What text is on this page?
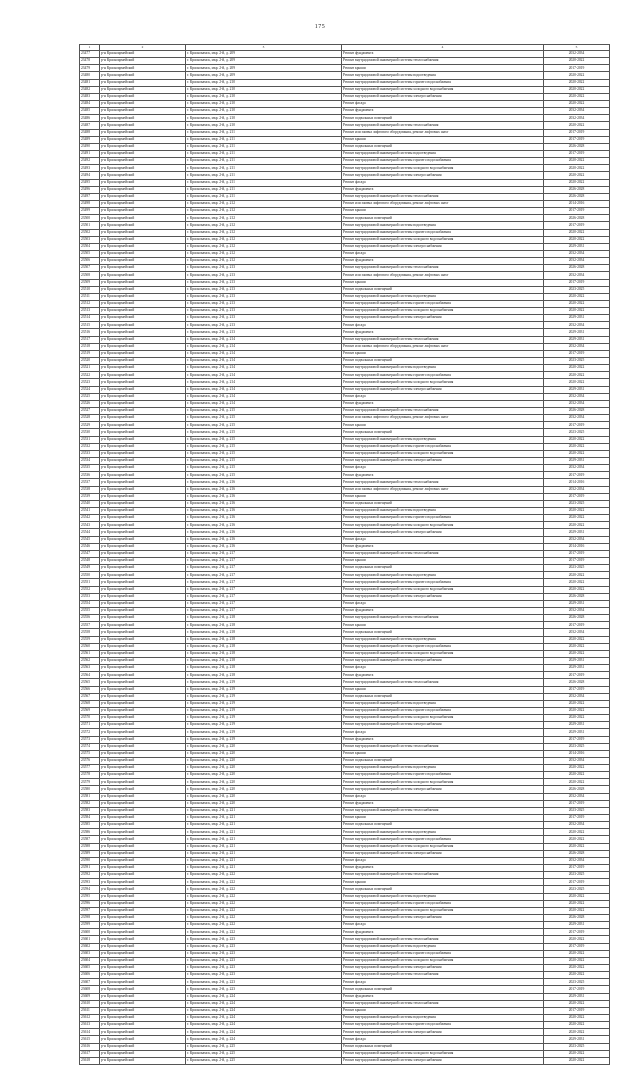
175
1	2	3	4	5
23477	р-н Красноармейский	г. Краснокамск, мкр. 2-й, д. 209	Ремонт фундамента	2032-2034
23478	р-н Красноармейский	г. Краснокамск, мкр. 2-й, д. 209	Ремонт внутридомовой инженерной системы теплоснабжения	2020-2022
23479	р-н Красноармейский	г. Краснокамск, мкр. 2-й, д. 209	Ремонт крыши	2017-2019
23480	р-н Красноармейский	г. Краснокамск, мкр. 2-й, д. 209	Ремонт внутридомовой инженерной системы водоотведения	2020-2022
23481	р-н Красноармейский	г. Краснокамск, мкр. 2-й, д. 210	Ремонт внутридомовой инженерной системы горячего водоснабжения	2020-2022
23482	р-н Красноармейский	г. Краснокамск, мкр. 2-й, д. 210	Ремонт внутридомовой инженерной системы холодного водоснабжения	2020-2022
23483	р-н Красноармейский	г. Краснокамск, мкр. 2-й, д. 210	Ремонт внутридомовой инженерной системы электроснабжения	2020-2022
23484	р-н Красноармейский	г. Краснокамск, мкр. 2-й, д. 210	Ремонт фасада	2020-2022
23485	р-н Красноармейский	г. Краснокамск, мкр. 2-й, д. 210	Ремонт фундамента	2032-2034
23486	р-н Красноармейский	г. Краснокамск, мкр. 2-й, д. 210	Ремонт подвальных помещений	2032-2034
23487	р-н Красноармейский	г. Краснокамск, мкр. 2-й, д. 210	Ремонт внутридомовой инженерной системы теплоснабжения	2020-2022
23488	р-н Красноармейский	г. Краснокамск, мкр. 2-й, д. 211	Ремонт или замена лифтового оборудования, ремонт лифтовых шахт	2017-2019
23489	р-н Красноармейский	г. Краснокамск, мкр. 2-й, д. 211	Ремонт крыши	2017-2019
23490	р-н Красноармейский	г. Краснокамск, мкр. 2-й, д. 211	Ремонт подвальных помещений	2026-2028
23491	р-н Красноармейский	г. Краснокамск, мкр. 2-й, д. 211	Ремонт внутридомовой инженерной системы водоотведения	2017-2019
23492	р-н Красноармейский	г. Краснокамск, мкр. 2-й, д. 211	Ремонт внутридомовой инженерной системы горячего водоснабжения	2020-2022
23493	р-н Красноармейский	г. Краснокамск, мкр. 2-й, д. 211	Ремонт внутридомовой инженерной системы холодного водоснабжения	2020-2022
23494	р-н Красноармейский	г. Краснокамск, мкр. 2-й, д. 211	Ремонт внутридомовой инженерной системы электроснабжения	2020-2022
23495	р-н Красноармейский	г. Краснокамск, мкр. 2-й, д. 211	Ремонт фасада	2020-2022
23496	р-н Красноармейский	г. Краснокамск, мкр. 2-й, д. 211	Ремонт фундамента	2026-2028
23497	р-н Красноармейский	г. Краснокамск, мкр. 2-й, д. 211	Ремонт внутридомовой инженерной системы теплоснабжения	2026-2028
23498	р-н Красноармейский	г. Краснокамск, мкр. 2-й, д. 212	Ремонт или замена лифтового оборудования, ремонт лифтовых шахт	2014-2016
23499	р-н Красноармейский	г. Краснокамск, мкр. 2-й, д. 212	Ремонт крыши	2017-2019
23500	р-н Красноармейский	г. Краснокамск, мкр. 2-й, д. 212	Ремонт подвальных помещений	2026-2028
23501	р-н Красноармейский	г. Краснокамск, мкр. 2-й, д. 212	Ремонт внутридомовой инженерной системы водоотведения	2017-2019
23502	р-н Красноармейский	г. Краснокамск, мкр. 2-й, д. 212	Ремонт внутридомовой инженерной системы горячего водоснабжения	2020-2022
23503	р-н Красноармейский	г. Краснокамск, мкр. 2-й, д. 212	Ремонт внутридомовой инженерной системы холодного водоснабжения	2020-2022
23504	р-н Красноармейский	г. Краснокамск, мкр. 2-й, д. 212	Ремонт внутридомовой инженерной системы электроснабжения	2029-2031
23505	р-н Красноармейский	г. Краснокамск, мкр. 2-й, д. 212	Ремонт фасада	2032-2034
23506	р-н Красноармейский	г. Краснокамск, мкр. 2-й, д. 212	Ремонт фундамента	2032-2034
23507	р-н Красноармейский	г. Краснокамск, мкр. 2-й, д. 213	Ремонт внутридомовой инженерной системы теплоснабжения	2026-2028
23508	р-н Красноармейский	г. Краснокамск, мкр. 2-й, д. 213	Ремонт или замена лифтового оборудования, ремонт лифтовых шахт	2032-2034
23509	р-н Красноармейский	г. Краснокамск, мкр. 2-й, д. 213	Ремонт крыши	2017-2019
23510	р-н Красноармейский	г. Краснокамск, мкр. 2-й, д. 213	Ремонт подвальных помещений	2023-2025
23511	р-н Красноармейский	г. Краснокамск, мкр. 2-й, д. 213	Ремонт внутридомовой инженерной системы водоотведения	2020-2022
23512	р-н Красноармейский	г. Краснокамск, мкр. 2-й, д. 213	Ремонт внутридомовой инженерной системы горячего водоснабжения	2020-2022
23513	р-н Красноармейский	г. Краснокамск, мкр. 2-й, д. 213	Ремонт внутридомовой инженерной системы холодного водоснабжения	2020-2022
23514	р-н Красноармейский	г. Краснокамск, мкр. 2-й, д. 213	Ремонт внутридомовой инженерной системы электроснабжения	2029-2031
23515	р-н Красноармейский	г. Краснокамск, мкр. 2-й, д. 213	Ремонт фасада	2032-2034
23516	р-н Красноармейский	г. Краснокамск, мкр. 2-й, д. 213	Ремонт фундамента	2029-2031
23517	р-н Красноармейский	г. Краснокамск, мкр. 2-й, д. 214	Ремонт внутридомовой инженерной системы теплоснабжения	2029-2031
23518	р-н Красноармейский	г. Краснокамск, мкр. 2-й, д. 214	Ремонт или замена лифтового оборудования, ремонт лифтовых шахт	2032-2034
23519	р-н Красноармейский	г. Краснокамск, мкр. 2-й, д. 214	Ремонт крыши	2017-2019
23520	р-н Красноармейский	г. Краснокамск, мкр. 2-й, д. 214	Ремонт подвальных помещений	2023-2025
23521	р-н Красноармейский	г. Краснокамск, мкр. 2-й, д. 214	Ремонт внутридомовой инженерной системы водоотведения	2020-2022
23522	р-н Красноармейский	г. Краснокамск, мкр. 2-й, д. 214	Ремонт внутридомовой инженерной системы горячего водоснабжения	2020-2022
23523	р-н Красноармейский	г. Краснокамск, мкр. 2-й, д. 214	Ремонт внутридомовой инженерной системы холодного водоснабжения	2020-2022
23524	р-н Красноармейский	г. Краснокамск, мкр. 2-й, д. 214	Ремонт внутридомовой инженерной системы электроснабжения	2029-2031
23525	р-н Красноармейский	г. Краснокамск, мкр. 2-й, д. 214	Ремонт фасада	2032-2034
23526	р-н Красноармейский	г. Краснокамск, мкр. 2-й, д. 214	Ремонт фундамента	2032-2034
23527	р-н Красноармейский	г. Краснокамск, мкр. 2-й, д. 215	Ремонт внутридомовой инженерной системы теплоснабжения	2026-2028
23528	р-н Красноармейский	г. Краснокамск, мкр. 2-й, д. 215	Ремонт или замена лифтового оборудования, ремонт лифтовых шахт	2032-2034
23529	р-н Красноармейский	г. Краснокамск, мкр. 2-й, д. 215	Ремонт крыши	2017-2019
23530	р-н Красноармейский	г. Краснокамск, мкр. 2-й, д. 215	Ремонт подвальных помещений	2023-2025
23531	р-н Красноармейский	г. Краснокамск, мкр. 2-й, д. 215	Ремонт внутридомовой инженерной системы водоотведения	2020-2022
23532	р-н Красноармейский	г. Краснокамск, мкр. 2-й, д. 215	Ремонт внутридомовой инженерной системы горячего водоснабжения	2020-2022
23533	р-н Красноармейский	г. Краснокамск, мкр. 2-й, д. 215	Ремонт внутридомовой инженерной системы холодного водоснабжения	2020-2022
23534	р-н Красноармейский	г. Краснокамск, мкр. 2-й, д. 215	Ремонт внутридомовой инженерной системы электроснабжения	2029-2031
23535	р-н Красноармейский	г. Краснокамск, мкр. 2-й, д. 215	Ремонт фасада	2032-2034
23536	р-н Красноармейский	г. Краснокамск, мкр. 2-й, д. 215	Ремонт фундамента	2017-2019
23537	р-н Красноармейский	г. Краснокамск, мкр. 2-й, д. 216	Ремонт внутридомовой инженерной системы теплоснабжения	2014-2016
23538	р-н Красноармейский	г. Краснокамск, мкр. 2-й, д. 216	Ремонт или замена лифтового оборудования, ремонт лифтовых шахт	2032-2034
23539	р-н Красноармейский	г. Краснокамск, мкр. 2-й, д. 216	Ремонт крыши	2017-2019
23540	р-н Красноармейский	г. Краснокамск, мкр. 2-й, д. 216	Ремонт подвальных помещений	2023-2025
23541	р-н Красноармейский	г. Краснокамск, мкр. 2-й, д. 216	Ремонт внутридомовой инженерной системы водоотведения	2020-2022
23542	р-н Красноармейский	г. Краснокамск, мкр. 2-й, д. 216	Ремонт внутридомовой инженерной системы горячего водоснабжения	2020-2022
23543	р-н Красноармейский	г. Краснокамск, мкр. 2-й, д. 216	Ремонт внутридомовой инженерной системы холодного водоснабжения	2020-2022
23544	р-н Красноармейский	г. Краснокамск, мкр. 2-й, д. 216	Ремонт внутридомовой инженерной системы электроснабжения	2029-2031
23545	р-н Красноармейский	г. Краснокамск, мкр. 2-й, д. 216	Ремонт фасада	2032-2034
23546	р-н Красноармейский	г. Краснокамск, мкр. 2-й, д. 216	Ремонт фундамента	2014-2016
23547	р-н Красноармейский	г. Краснокамск, мкр. 2-й, д. 217	Ремонт внутридомовой инженерной системы теплоснабжения	2017-2019
23548	р-н Красноармейский	г. Краснокамск, мкр. 2-й, д. 217	Ремонт крыши	2017-2019
23549	р-н Красноармейский	г. Краснокамск, мкр. 2-й, д. 217	Ремонт подвальных помещений	2023-2025
23550	р-н Красноармейский	г. Краснокамск, мкр. 2-й, д. 217	Ремонт внутридомовой инженерной системы водоотведения	2020-2022
23551	р-н Красноармейский	г. Краснокамск, мкр. 2-й, д. 217	Ремонт внутридомовой инженерной системы горячего водоснабжения	2020-2022
23552	р-н Красноармейский	г. Краснокамск, мкр. 2-й, д. 217	Ремонт внутридомовой инженерной системы холодного водоснабжения	2020-2022
23553	р-н Красноармейский	г. Краснокамск, мкр. 2-й, д. 217	Ремонт внутридомовой инженерной системы электроснабжения	2026-2028
23554	р-н Красноармейский	г. Краснокамск, мкр. 2-й, д. 217	Ремонт фасада	2029-2031
23555	р-н Красноармейский	г. Краснокамск, мкр. 2-й, д. 217	Ремонт фундамента	2032-2034
23556	р-н Красноармейский	г. Краснокамск, мкр. 2-й, д. 218	Ремонт внутридомовой инженерной системы теплоснабжения	2026-2028
23557	р-н Красноармейский	г. Краснокамск, мкр. 2-й, д. 218	Ремонт крыши	2017-2019
23558	р-н Красноармейский	г. Краснокамск, мкр. 2-й, д. 218	Ремонт подвальных помещений	2032-2034
23559	р-н Красноармейский	г. Краснокамск, мкр. 2-й, д. 218	Ремонт внутридомовой инженерной системы водоотведения	2020-2022
23560	р-н Красноармейский	г. Краснокамск, мкр. 2-й, д. 218	Ремонт внутридомовой инженерной системы горячего водоснабжения	2020-2022
23561	р-н Красноармейский	г. Краснокамск, мкр. 2-й, д. 218	Ремонт внутридомовой инженерной системы холодного водоснабжения	2020-2022
23562	р-н Красноармейский	г. Краснокамск, мкр. 2-й, д. 218	Ремонт внутридомовой инженерной системы электроснабжения	2029-2031
23563	р-н Красноармейский	г. Краснокамск, мкр. 2-й, д. 218	Ремонт фасада	2029-2031
23564	р-н Красноармейский	г. Краснокамск, мкр. 2-й, д. 218	Ремонт фундамента	2017-2019
23565	р-н Красноармейский	г. Краснокамск, мкр. 2-й, д. 219	Ремонт внутридомовой инженерной системы теплоснабжения	2026-2028
23566	р-н Красноармейский	г. Краснокамск, мкр. 2-й, д. 219	Ремонт крыши	2017-2019
23567	р-н Красноармейский	г. Краснокамск, мкр. 2-й, д. 219	Ремонт подвальных помещений	2032-2034
23568	р-н Красноармейский	г. Краснокамск, мкр. 2-й, д. 219	Ремонт внутридомовой инженерной системы водоотведения	2020-2022
23569	р-н Красноармейский	г. Краснокамск, мкр. 2-й, д. 219	Ремонт внутридомовой инженерной системы горячего водоснабжения	2020-2022
23570	р-н Красноармейский	г. Краснокамск, мкр. 2-й, д. 219	Ремонт внутридомовой инженерной системы холодного водоснабжения	2020-2022
23571	р-н Красноармейский	г. Краснокамск, мкр. 2-й, д. 219	Ремонт внутридомовой инженерной системы электроснабжения	2029-2031
23572	р-н Красноармейский	г. Краснокамск, мкр. 2-й, д. 219	Ремонт фасада	2029-2031
23573	р-н Красноармейский	г. Краснокамск, мкр. 2-й, д. 219	Ремонт фундамента	2017-2019
23574	р-н Красноармейский	г. Краснокамск, мкр. 2-й, д. 220	Ремонт внутридомовой инженерной системы теплоснабжения	2023-2025
23575	р-н Красноармейский	г. Краснокамск, мкр. 2-й, д. 220	Ремонт крыши	2014-2016
23576	р-н Красноармейский	г. Краснокамск, мкр. 2-й, д. 220	Ремонт подвальных помещений	2032-2034
23577	р-н Красноармейский	г. Краснокамск, мкр. 2-й, д. 220	Ремонт внутридомовой инженерной системы водоотведения	2020-2022
23578	р-н Красноармейский	г. Краснокамск, мкр. 2-й, д. 220	Ремонт внутридомовой инженерной системы горячего водоснабжения	2020-2022
23579	р-н Красноармейский	г. Краснокамск, мкр. 2-й, д. 220	Ремонт внутридомовой инженерной системы холодного водоснабжения	2020-2022
23580	р-н Красноармейский	г. Краснокамск, мкр. 2-й, д. 220	Ремонт внутридомовой инженерной системы электроснабжения	2026-2028
23581	р-н Красноармейский	г. Краснокамск, мкр. 2-й, д. 220	Ремонт фасада	2032-2034
23582	р-н Красноармейский	г. Краснокамск, мкр. 2-й, д. 220	Ремонт фундамента	2017-2019
23583	р-н Красноармейский	г. Краснокамск, мкр. 2-й, д. 221	Ремонт внутридомовой инженерной системы теплоснабжения	2023-2025
23584	р-н Красноармейский	г. Краснокамск, мкр. 2-й, д. 221	Ремонт крыши	2017-2019
23585	р-н Красноармейский	г. Краснокамск, мкр. 2-й, д. 221	Ремонт подвальных помещений	2032-2034
23586	р-н Красноармейский	г. Краснокамск, мкр. 2-й, д. 221	Ремонт внутридомовой инженерной системы водоотведения	2020-2022
23587	р-н Красноармейский	г. Краснокамск, мкр. 2-й, д. 221	Ремонт внутридомовой инженерной системы горячего водоснабжения	2020-2022
23588	р-н Красноармейский	г. Краснокамск, мкр. 2-й, д. 221	Ремонт внутридомовой инженерной системы холодного водоснабжения	2020-2022
23589	р-н Красноармейский	г. Краснокамск, мкр. 2-й, д. 221	Ремонт внутридомовой инженерной системы электроснабжения	2026-2028
23590	р-н Красноармейский	г. Краснокамск, мкр. 2-й, д. 221	Ремонт фасада	2032-2034
23591	р-н Красноармейский	г. Краснокамск, мкр. 2-й, д. 221	Ремонт фундамента	2017-2019
23592	р-н Красноармейский	г. Краснокамск, мкр. 2-й, д. 222	Ремонт внутридомовой инженерной системы теплоснабжения	2023-2025
23593	р-н Красноармейский	г. Краснокамск, мкр. 2-й, д. 222	Ремонт крыши	2017-2019
23594	р-н Красноармейский	г. Краснокамск, мкр. 2-й, д. 222	Ремонт подвальных помещений	2023-2025
23595	р-н Красноармейский	г. Краснокамск, мкр. 2-й, д. 222	Ремонт внутридомовой инженерной системы водоотведения	2020-2022
23596	р-н Красноармейский	г. Краснокамск, мкр. 2-й, д. 222	Ремонт внутридомовой инженерной системы горячего водоснабжения	2020-2022
23597	р-н Красноармейский	г. Краснокамск, мкр. 2-й, д. 222	Ремонт внутридомовой инженерной системы холодного водоснабжения	2020-2022
23598	р-н Красноармейский	г. Краснокамск, мкр. 2-й, д. 222	Ремонт внутридомовой инженерной системы электроснабжения	2026-2028
23599	р-н Красноармейский	г. Краснокамск, мкр. 2-й, д. 222	Ремонт фасада	2029-2031
23600	р-н Красноармейский	г. Краснокамск, мкр. 2-й, д. 222	Ремонт фундамента	2017-2019
23601	р-н Красноармейский	г. Краснокамск, мкр. 2-й, д. 223	Ремонт внутридомовой инженерной системы теплоснабжения	2020-2022
23602	р-н Красноармейский	г. Краснокамск, мкр. 2-й, д. 223	Ремонт внутридомовой инженерной системы водоотведения	2017-2019
23603	р-н Красноармейский	г. Краснокамск, мкр. 2-й, д. 223	Ремонт внутридомовой инженерной системы горячего водоснабжения	2020-2022
23604	р-н Красноармейский	г. Краснокамск, мкр. 2-й, д. 223	Ремонт внутридомовой инженерной системы холодного водоснабжения	2020-2022
23605	р-н Красноармейский	г. Краснокамск, мкр. 2-й, д. 223	Ремонт внутридомовой инженерной системы электроснабжения	2020-2022
23606	р-н Красноармейский	г. Краснокамск, мкр. 2-й, д. 223	Ремонт внутридомовой инженерной системы теплоснабжения	2020-2022
23607	р-н Красноармейский	г. Краснокамск, мкр. 2-й, д. 223	Ремонт фасада	2023-2025
23608	р-н Красноармейский	г. Краснокамск, мкр. 2-й, д. 223	Ремонт подвальных помещений	2017-2019
23609	р-н Красноармейский	г. Краснокамск, мкр. 2-й, д. 224	Ремонт фундамента	2029-2031
23610	р-н Красноармейский	г. Краснокамск, мкр. 2-й, д. 224	Ремонт внутридомовой инженерной системы теплоснабжения	2020-2022
23611	р-н Красноармейский	г. Краснокамск, мкр. 2-й, д. 224	Ремонт крыши	2017-2019
23612	р-н Красноармейский	г. Краснокамск, мкр. 2-й, д. 224	Ремонт внутридомовой инженерной системы водоотведения	2020-2022
23613	р-н Красноармейский	г. Краснокамск, мкр. 2-й, д. 224	Ремонт внутридомовой инженерной системы горячего водоснабжения	2020-2022
23614	р-н Красноармейский	г. Краснокамск, мкр. 2-й, д. 224	Ремонт внутридомовой инженерной системы электроснабжения	2020-2022
23615	р-н Красноармейский	г. Краснокамск, мкр. 2-й, д. 224	Ремонт фасада	2029-2031
23616	р-н Красноармейский	г. Краснокамск, мкр. 2-й, д. 225	Ремонт подвальных помещений	2023-2025
23617	р-н Красноармейский	г. Краснокамск, мкр. 2-й, д. 225	Ремонт внутридомовой инженерной системы холодного водоснабжения	2020-2022
23618	р-н Красноармейский	г. Краснокамск, мкр. 2-й, д. 225	Ремонт внутридомовой инженерной системы электроснабжения	2020-2022
